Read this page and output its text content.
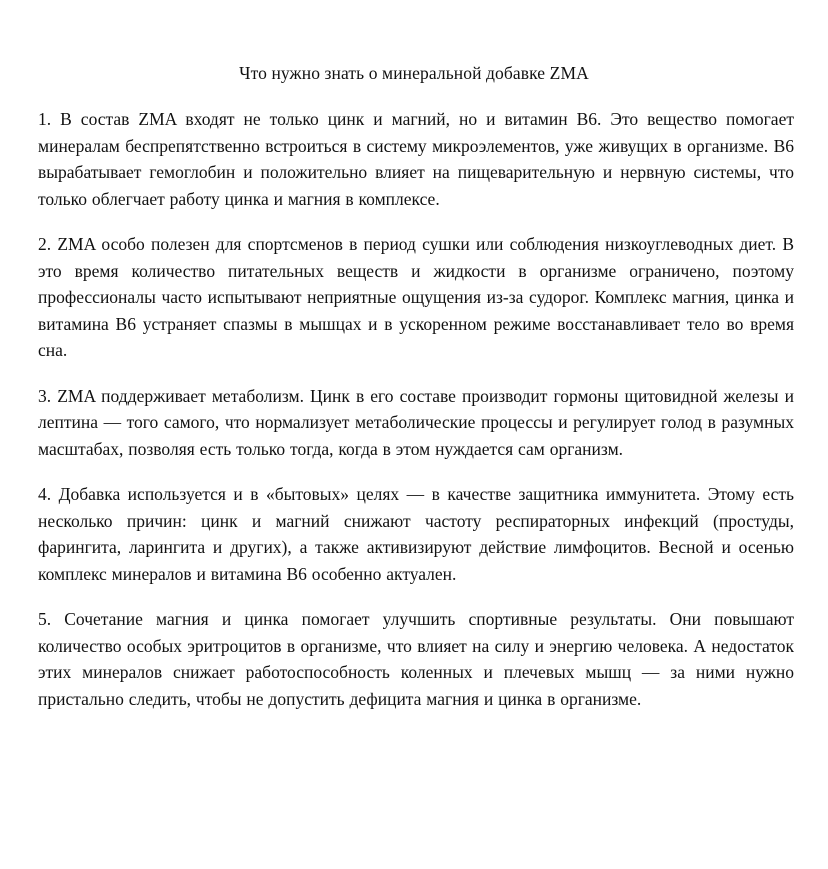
Что нужно знать о минеральной добавке ZMA

1. В состав ZMA входят не только цинк и магний, но и витамин B6. Это вещество помогает минералам беспрепятственно встроиться в систему микроэлементов, уже живущих в организме. B6 вырабатывает гемоглобин и положительно влияет на пищеварительную и нервную системы, что только облегчает работу цинка и магния в комплексе.

2. ZMA особо полезен для спортсменов в период сушки или соблюдения низкоуглеводных диет. В это время количество питательных веществ и жидкости в организме ограничено, поэтому профессионалы часто испытывают неприятные ощущения из-за судорог. Комплекс магния, цинка и витамина B6 устраняет спазмы в мышцах и в ускоренном режиме восстанавливает тело во время сна.

3. ZMA поддерживает метаболизм. Цинк в его составе производит гормоны щитовидной железы и лептина — того самого, что нормализует метаболические процессы и регулирует голод в разумных масштабах, позволяя есть только тогда, когда в этом нуждается сам организм.

4. Добавка используется и в «бытовых» целях — в качестве защитника иммунитета. Этому есть несколько причин: цинк и магний снижают частоту респираторных инфекций (простуды, фарингита, ларингита и других), а также активизируют действие лимфоцитов. Весной и осенью комплекс минералов и витамина B6 особенно актуален.

5. Сочетание магния и цинка помогает улучшить спортивные результаты. Они повышают количество особых эритроцитов в организме, что влияет на силу и энергию человека. А недостаток этих минералов снижает работоспособность коленных и плечевых мышц — за ними нужно пристально следить, чтобы не допустить дефицита магния и цинка в организме.
